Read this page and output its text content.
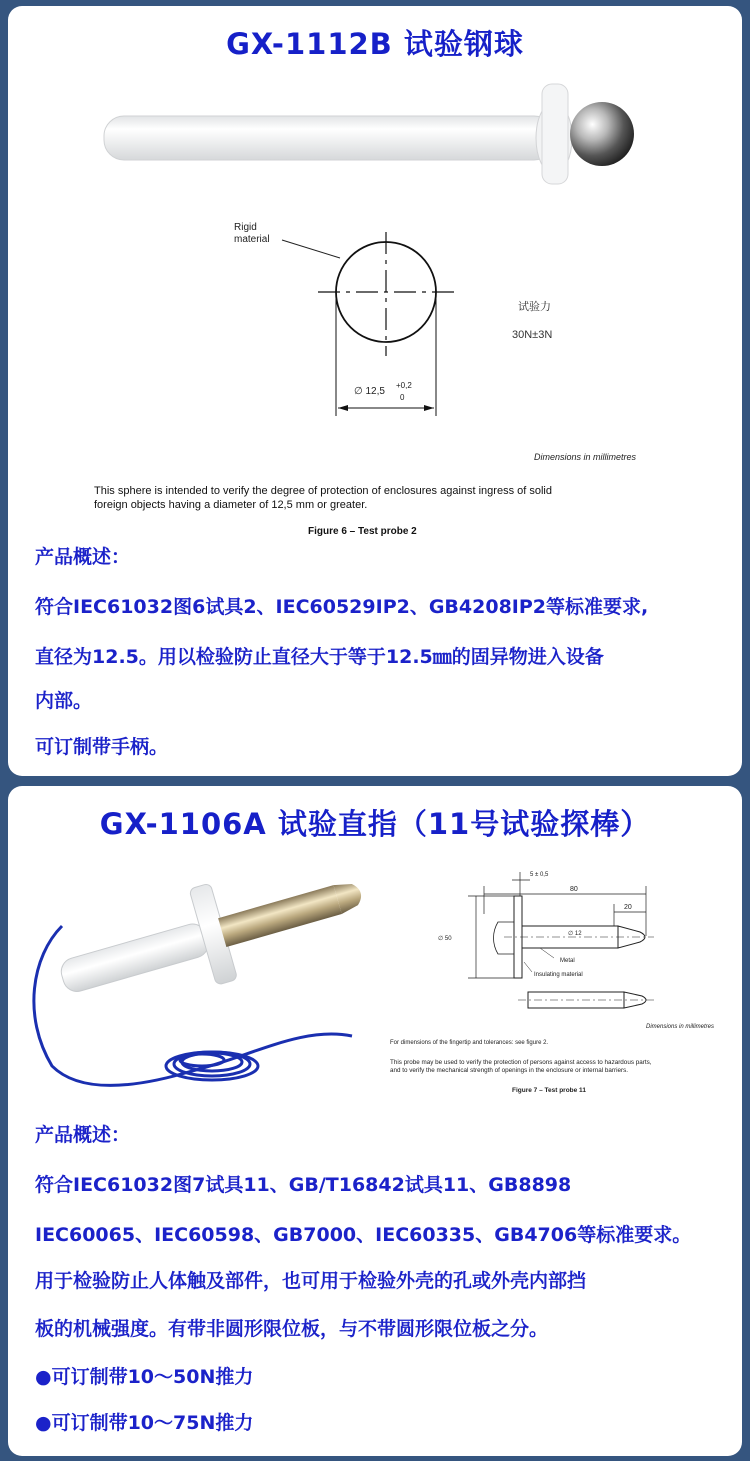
GX-1112B 试验钢球
Rigid
material
∅ 12,5
+0,2
0
试验力
30N±3N
Dimensions in millimetres
This sphere is intended to verify the degree of protection of enclosures against ingress of solid
foreign objects having a diameter of 12,5 mm or greater.
Figure 6 – Test probe 2
产品概述：
符合IEC61032图6试具2、IEC60529IP2、GB4208IP2等标准要求,
直径为12.5。用以检验防止直径大于等于12.5㎜的固异物进入设备
内部。
可订制带手柄。
GX-1106A 试验直指（11号试验探棒）
5 ± 0,5
80
20
∅ 50
∅ 12
Metal
Insulating material
Dimensions in millimetres
For dimensions of the fingertip and tolerances: see figure 2.
This probe may be used to verify the protection of persons against access to hazardous parts,
and to verify the mechanical strength of openings in the enclosure or internal barriers.
Figure 7 – Test probe 11
产品概述：
符合IEC61032图7试具11、GB/T16842试具11、GB8898
IEC60065、IEC60598、GB7000、IEC60335、GB4706等标准要求。
用于检验防止人体触及部件，也可用于检验外壳的孔或外壳内部挡
板的机械强度。有带非圆形限位板，与不带圆形限位板之分。
●可订制带10～50N推力
●可订制带10～75N推力
